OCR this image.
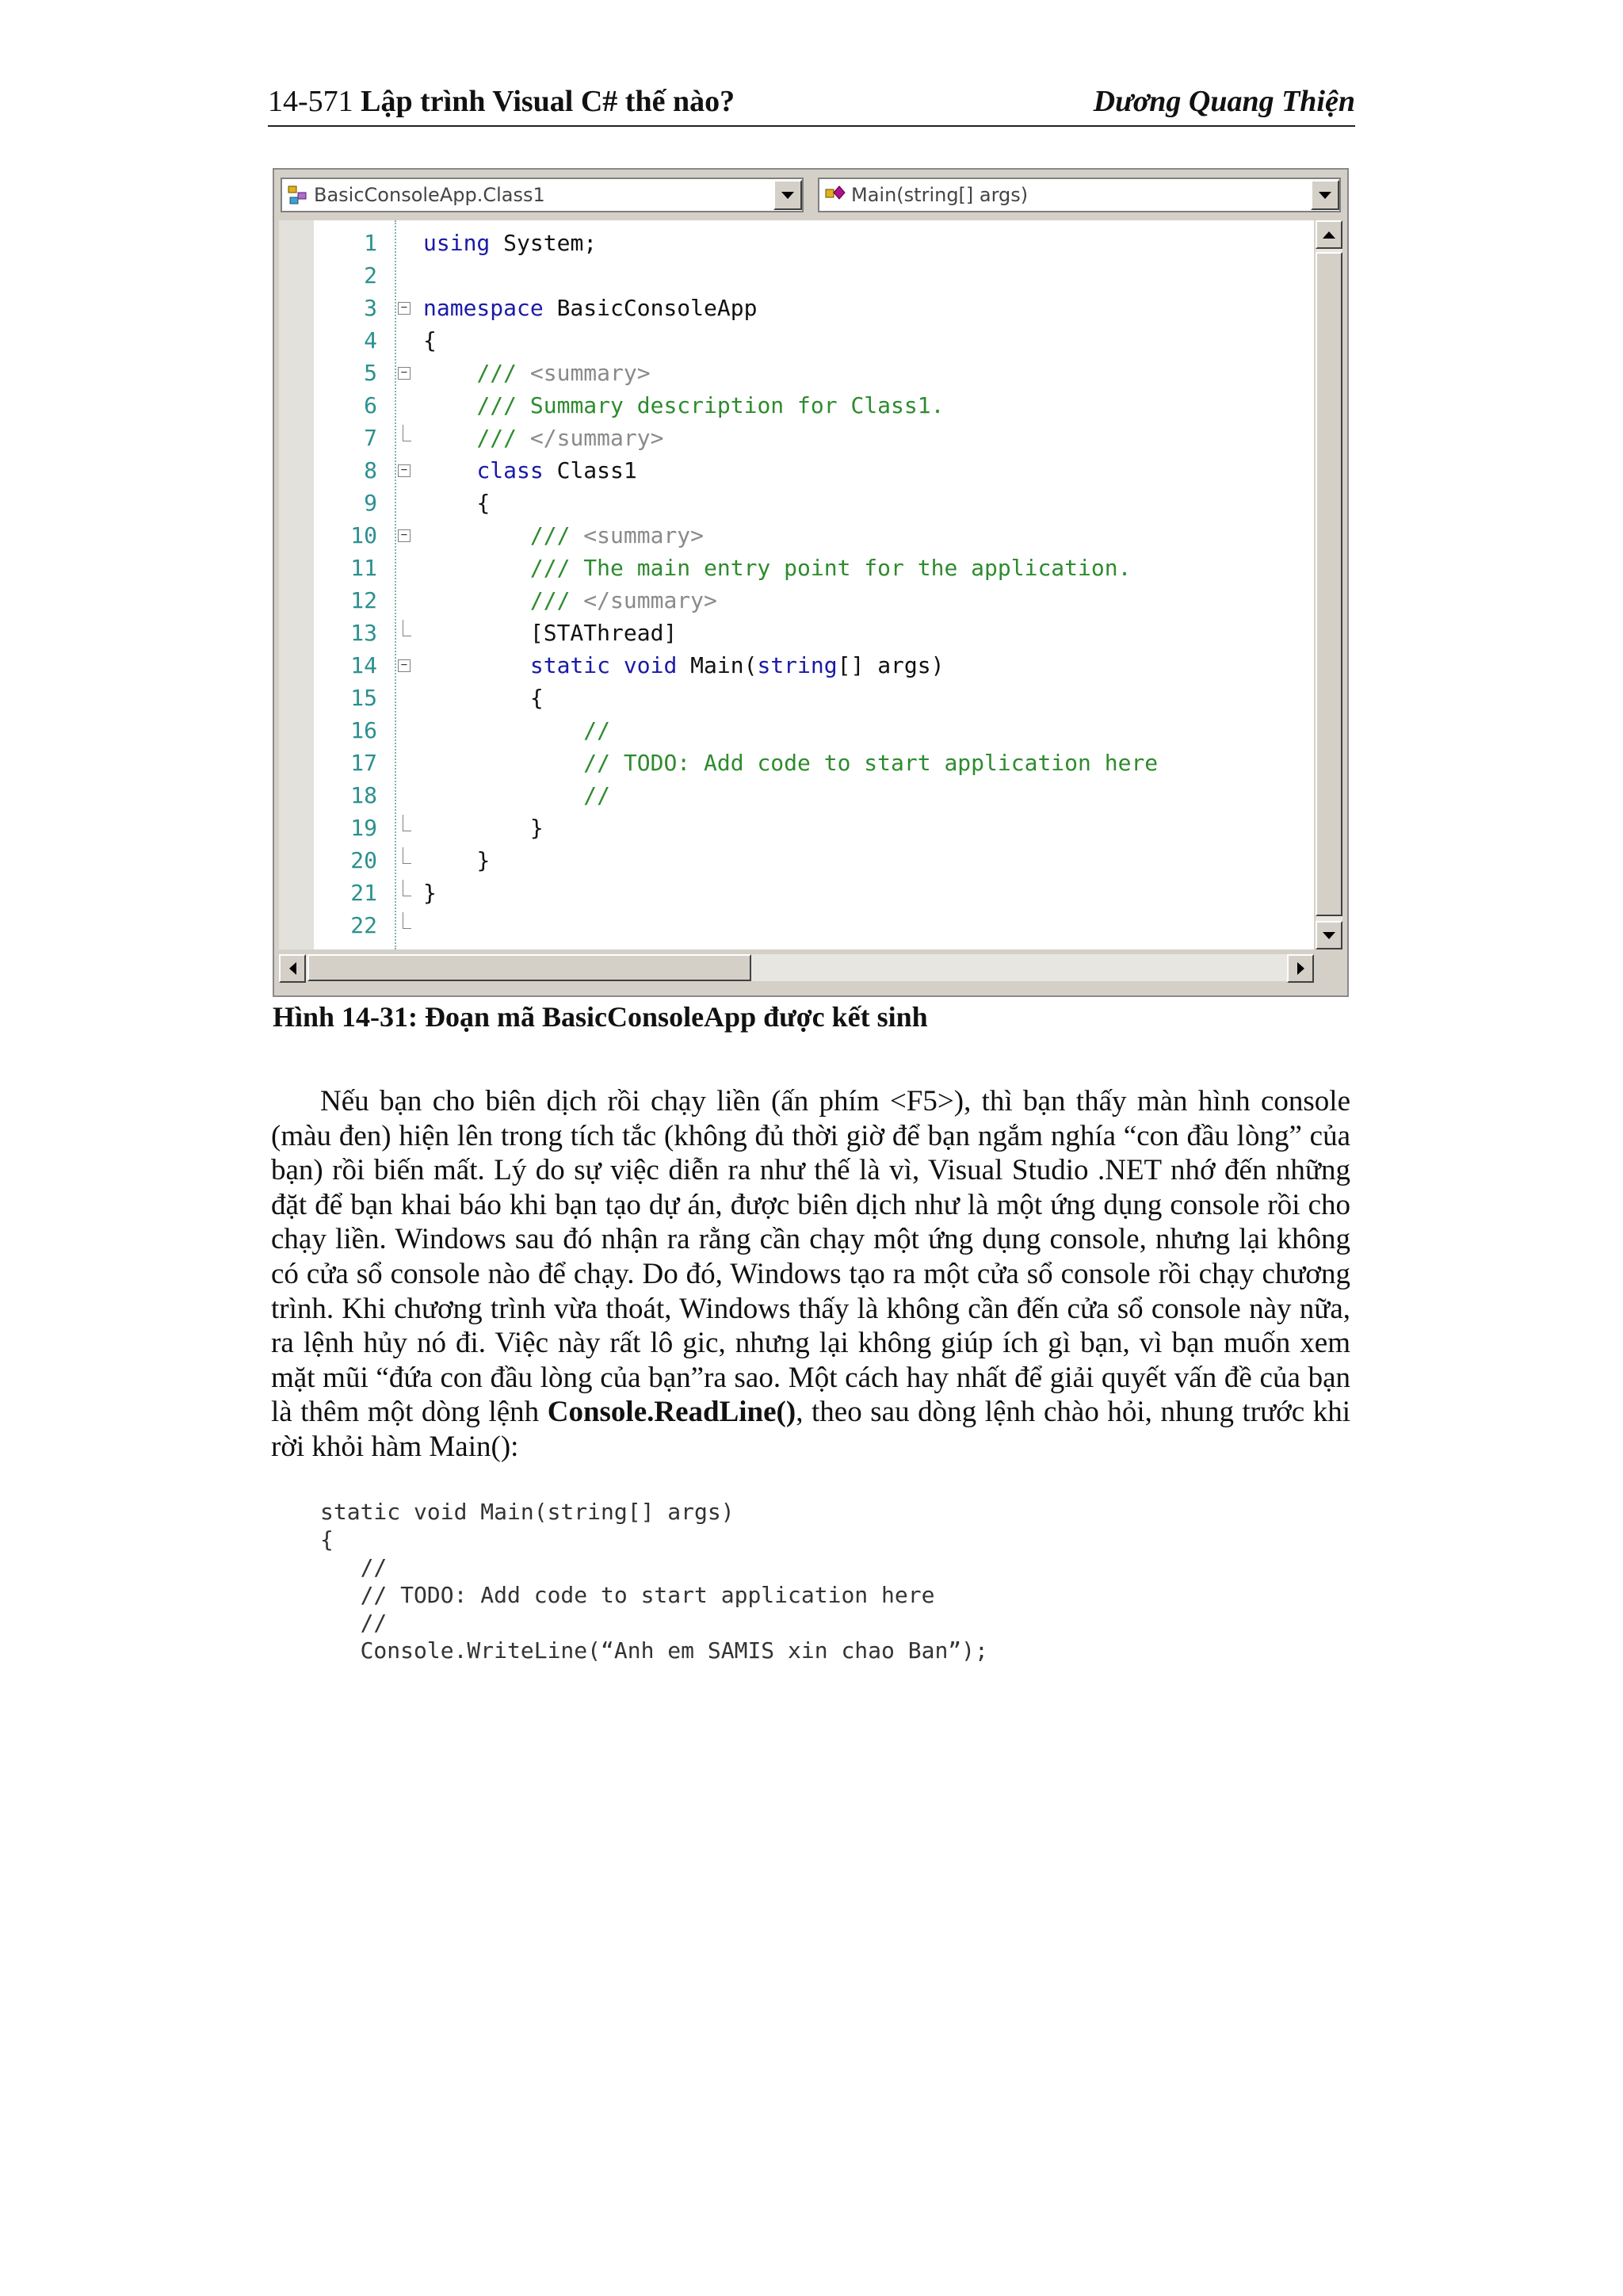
14-571 Lập trình Visual C# thế nào?	Dương Quang Thiện
BasicConsoleApp.Class1	Main(string[] args)
1 using System;
2
3 − namespace BasicConsoleApp
4 {
5 −	/// <summary>
6	/// Summary description for Class1.
7	/// </summary>
8 −	class Class1
9	{
10 −	/// <summary>
11	/// The main entry point for the application.
12	/// </summary>
13	[STAThread]
14 −	static void Main(string[] args)
15	{
16	//
17	// TODO: Add code to start application here
18	//
19	}
20	}
21 }
22
Hình 14-31: Đoạn mã BasicConsoleApp được kết sinh

Nếu bạn cho biên dịch rồi chạy liền (ấn phím <F5>), thì bạn thấy màn hình console (màu đen) hiện lên trong tích tắc (không đủ thời giờ để bạn ngắm nghía “con đầu lòng” của bạn) rồi biến mất. Lý do sự việc diễn ra như thế là vì, Visual Studio .NET nhớ đến những đặt để bạn khai báo khi bạn tạo dự án, được biên dịch như là một ứng dụng console rồi cho chạy liền. Windows sau đó nhận ra rằng cần chạy một ứng dụng console, nhưng lại không có cửa sổ console nào để chạy. Do đó, Windows tạo ra một cửa sổ console rồi chạy chương trình. Khi chương trình vừa thoát, Windows thấy là không cần đến cửa sổ console này nữa, ra lệnh hủy nó đi. Việc này rất lô gic, nhưng lại không giúp ích gì bạn, vì bạn muốn xem mặt mũi “đứa con đầu lòng của bạn”ra sao. Một cách hay nhất để giải quyết vấn đề của bạn là thêm một dòng lệnh Console.ReadLine(), theo sau dòng lệnh chào hỏi, nhung trước khi rời khỏi hàm Main():

static void Main(string[] args)
{
//
// TODO: Add code to start application here
//
Console.WriteLine(“Anh em SAMIS xin chao Ban”);
